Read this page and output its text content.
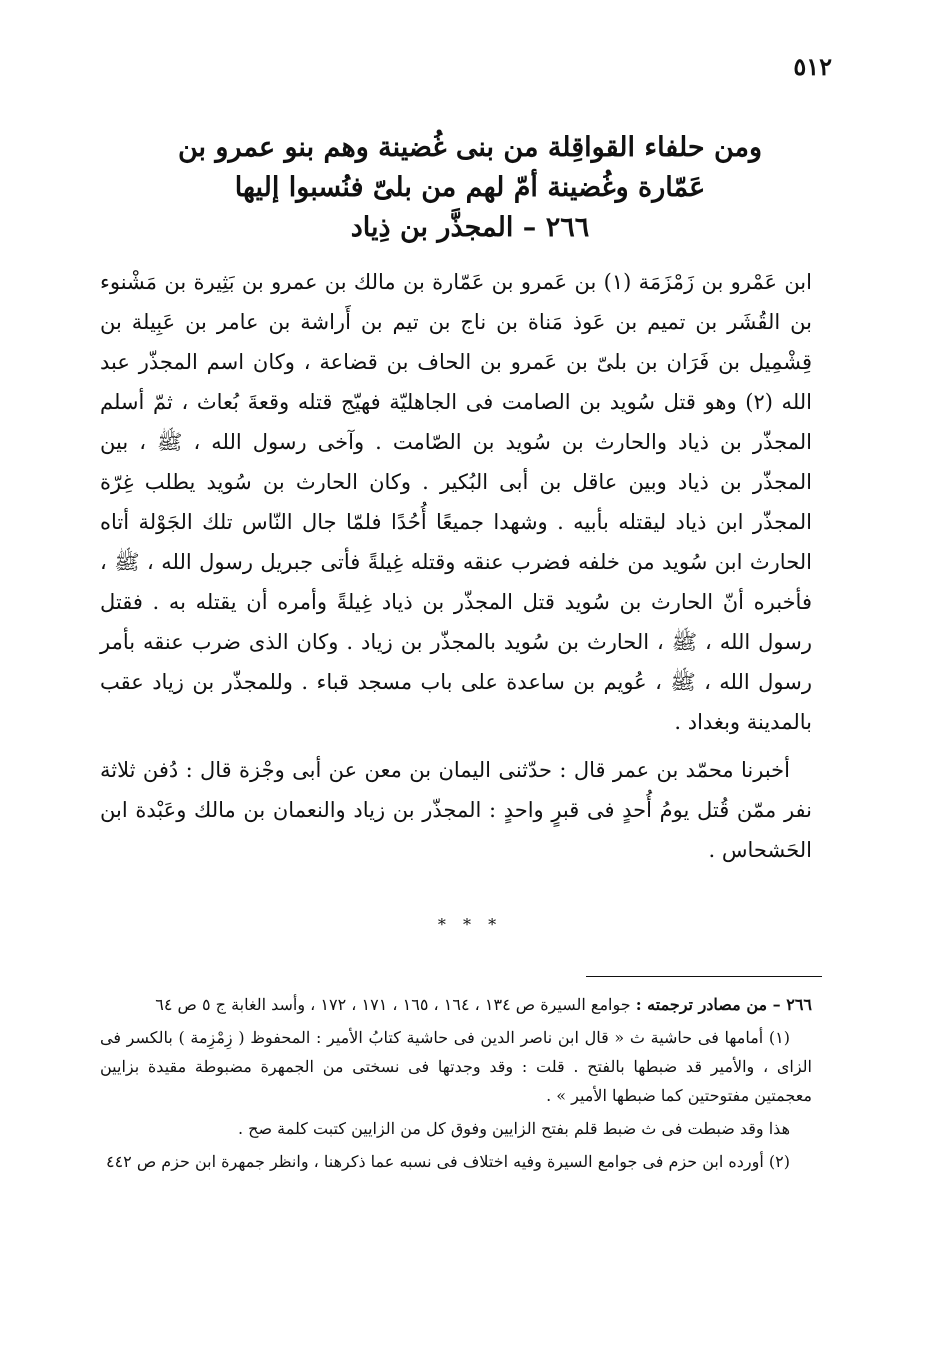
٥١٢
ومن حلفاء القواقِلة من بنى غُضينة وهم بنو عمرو بن
عَمّارة وغُضينة أمّ لهم من بلىّ فنُسبوا إليها
٢٦٦ – المجذَّر بن ذِياد

ابن عَمْرو بن زَمْزَمَة (١) بن عَمرو بن عَمّارة بن مالك بن عمرو بن بَثِيرة بن مَشْنوء بن القُشَر بن تميم بن عَوذ مَناة بن ناج بن تيم بن أَراشة بن عامر بن عَبِيلة بن قِشْمِيل بن فَرَان بن بلىّ بن عَمرو بن الحاف بن قضاعة ، وكان اسم المجذّر عبد الله (٢) وهو قتل سُويد بن الصامت فى الجاهليّة فهيّج قتله وقعةَ بُعاث ، ثمّ أسلم المجذّر بن ذياد والحارث بن سُويد بن الصّامت . وآخى رسول الله ، ﷺ ، بين المجذّر بن ذياد وبين عاقل بن أبى البُكير . وكان الحارث بن سُويد يطلب غِرّة المجذّر ابن ذياد ليقتله بأبيه . وشهدا جميعًا أُحُدًا فلمّا جال النّاس تلك الجَوْلة أتاه الحارث ابن سُويد من خلفه فضرب عنقه وقتله غِيلةً فأتى جبريل رسول الله ، ﷺ ، فأخبره أنّ الحارث بن سُويد قتل المجذّر بن ذياد غِيلةً وأمره أن يقتله به . فقتل رسول الله ، ﷺ ، الحارث بن سُويد بالمجذّر بن زياد . وكان الذى ضرب عنقه بأمر رسول الله ، ﷺ ، عُويم بن ساعدة على باب مسجد قباء . وللمجذّر بن زياد عقب بالمدينة وبغداد .

أخبرنا محمّد بن عمر قال : حدّثنى اليمان بن معن عن أبى وجْزة قال : دُفن ثلاثة نفر ممّن قُتل يومُ أُحدٍ فى قبرٍ واحدٍ : المجذّر بن زياد والنعمان بن مالك وعَبْدة ابن الحَشحاس .

* * *

٢٦٦ – من مصادر ترجمته : جوامع السيرة ص ١٣٤ ، ١٦٤ ، ١٦٥ ، ١٧١ ، ١٧٢ ، وأسد الغابة ج ٥ ص ٦٤

(١) أمامها فى حاشية ث « قال ابن ناصر الدين فى حاشية كتابُ الأمير : المحفوظ ( زِمْزِمة ) بالكسر فى الزاى ، والأمير قد ضبطها بالفتح . قلت : وقد وجدتها فى نسختى من الجمهرة مضبوطة مقيدة بزايين معجمتين مفتوحتين كما ضبطها الأمير » .

هذا وقد ضبطت فى ث ضبط قلم بفتح الزايين وفوق كل من الزايين كتبت كلمة صح .

(٢) أورده ابن حزم فى جوامع السيرة وفيه اختلاف فى نسبه عما ذكرهنا ، وانظر جمهرة ابن حزم ص ٤٤٢
